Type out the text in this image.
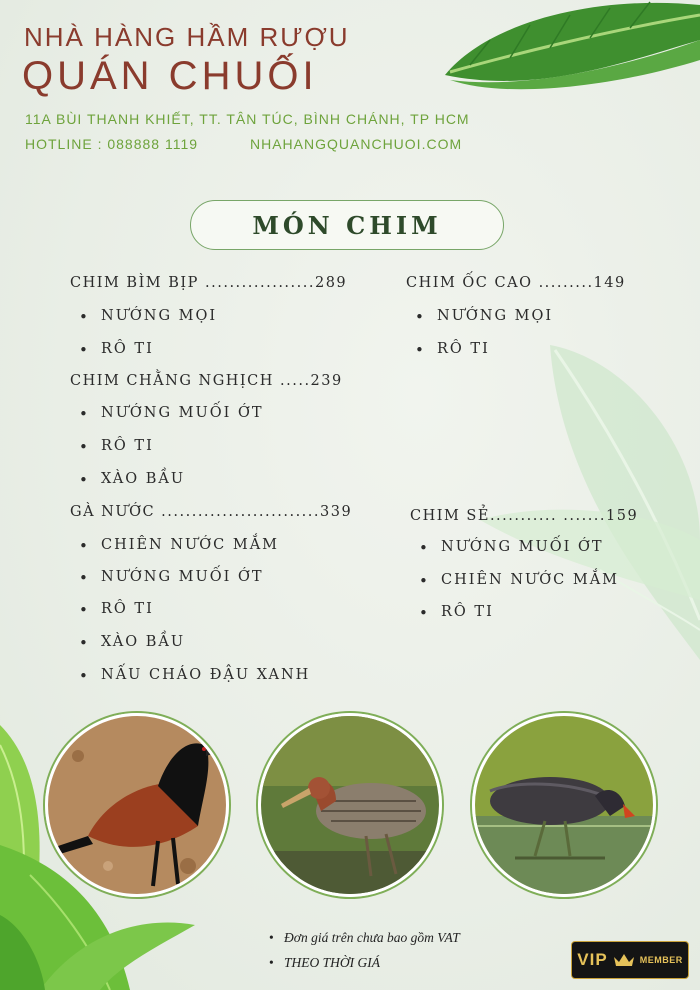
NHÀ HÀNG HẦM RƯỢU
QUÁN CHUỐI
11A BÙI THANH KHIẾT, TT. TÂN TÚC, BÌNH CHÁNH, TP HCM
HOTLINE : 088888 1119	NHAHANGQUANCHUOI.COM
MÓN CHIM
CHIM BÌM BỊP ..................289
• NƯỚNG MỌI
• RÔ TI
CHIM CHẰNG NGHỊCH .....239
• NƯỚNG MUỐI ỚT
• RÔ TI
• XÀO BẦU
GÀ NƯỚC ..........................339
• CHIÊN NƯỚC MẮM
• NƯỚNG MUỐI ỚT
• RÔ TI
• XÀO BẦU
• NẤU CHÁO ĐẬU XANH
CHIM ỐC CAO .........149
• NƯỚNG MỌI
• RÔ TI
CHIM SẺ........... .......159
• NƯỚNG MUỐI ỚT
• CHIÊN NƯỚC MẮM
• RÔ TI
• Đơn giá trên chưa bao gồm VAT
• THEO THỜI GIÁ	VIP	MEMBER
